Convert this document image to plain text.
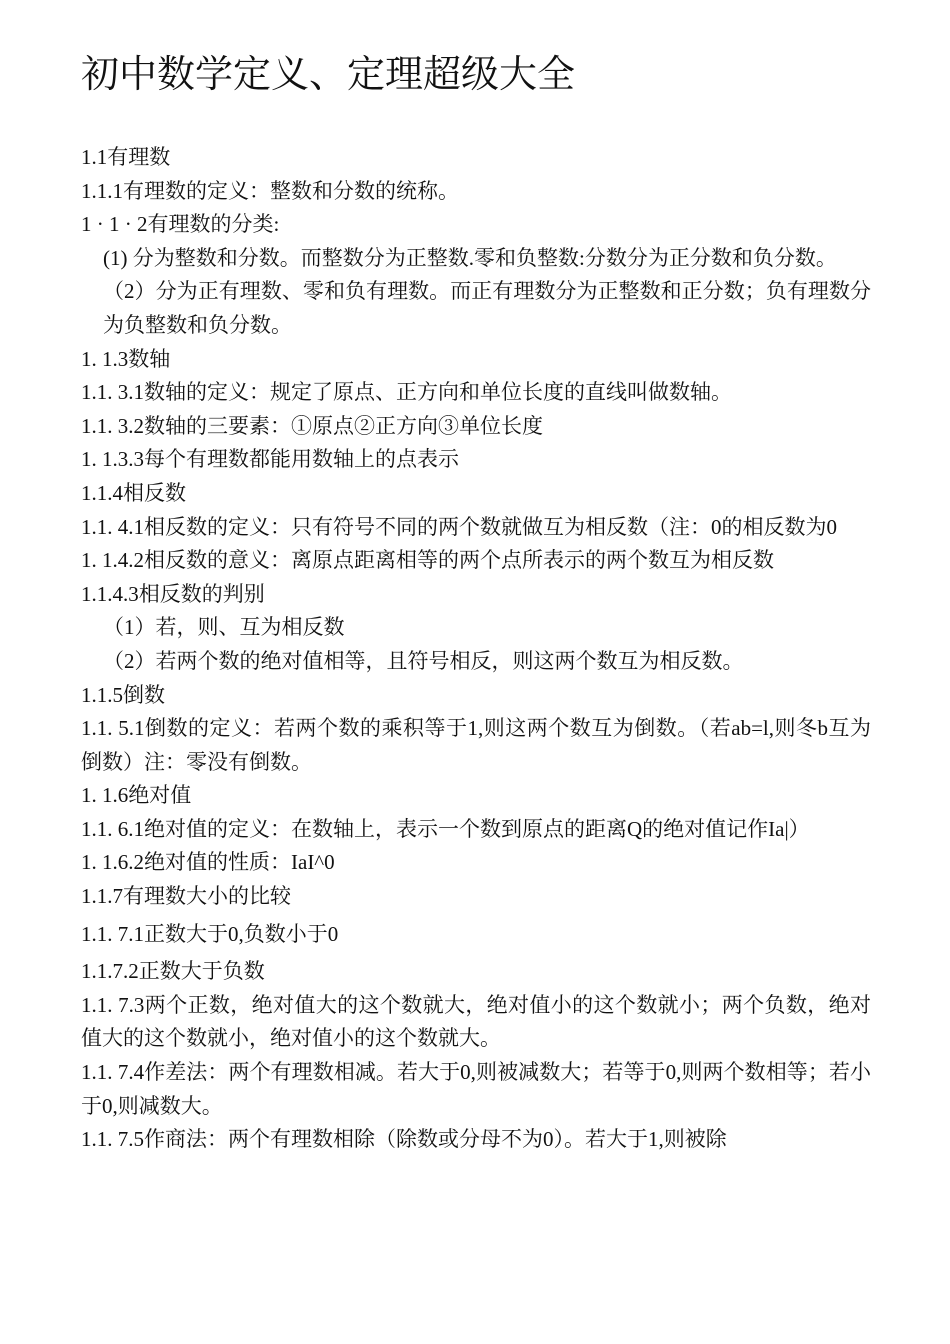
初中数学定义、定理超级大全

1.1有理数

1.1.1有理数的定义：整数和分数的统称。

1 · 1 · 2有理数的分类:

(1) 分为整数和分数。而整数分为正整数.零和负整数:分数分为正分数和负分数。

（2）分为正有理数、零和负有理数。而正有理数分为正整数和正分数；负有理数分为负整数和负分数。

1. 1.3数轴

1.1. 3.1数轴的定义：规定了原点、正方向和单位长度的直线叫做数轴。

1.1. 3.2数轴的三要素：①原点②正方向③单位长度

1. 1.3.3每个有理数都能用数轴上的点表示

1.1.4相反数

1.1. 4.1相反数的定义：只有符号不同的两个数就做互为相反数（注：0的相反数为0

1. 1.4.2相反数的意义：离原点距离相等的两个点所表示的两个数互为相反数

1.1.4.3相反数的判别

（1）若，则、互为相反数

（2）若两个数的绝对值相等，且符号相反，则这两个数互为相反数。

1.1.5倒数

1.1. 5.1倒数的定义：若两个数的乘积等于1,则这两个数互为倒数。（若ab=l,则冬b互为倒数）注：零没有倒数。

1. 1.6绝对值

1.1. 6.1绝对值的定义：在数轴上，表示一个数到原点的距离Q的绝对值记作Ia|）

1. 1.6.2绝对值的性质：IaI^0

1.1.7有理数大小的比较

1.1. 7.1正数大于0,负数小于0

1.1.7.2正数大于负数

1.1. 7.3两个正数，绝对值大的这个数就大，绝对值小的这个数就小；两个负数，绝对值大的这个数就小，绝对值小的这个数就大。

1.1. 7.4作差法：两个有理数相减。若大于0,则被减数大；若等于0,则两个数相等；若小于0,则减数大。

1.1. 7.5作商法：两个有理数相除（除数或分母不为0）。若大于1,则被除
